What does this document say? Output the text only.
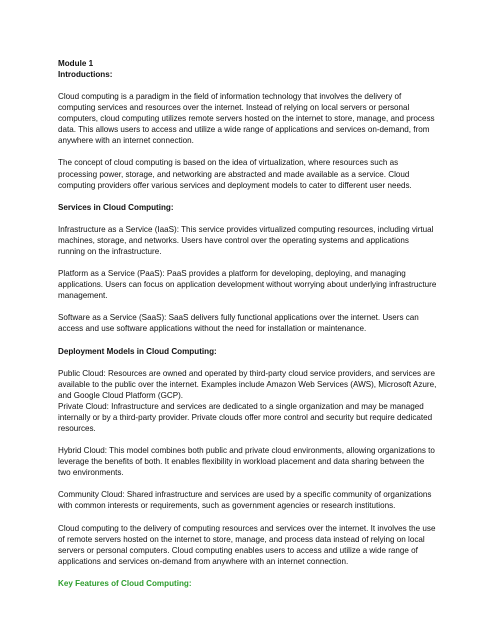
Module 1

Introductions:

Cloud computing is a paradigm in the field of information technology that involves the delivery of computing services and resources over the internet. Instead of relying on local servers or personal computers, cloud computing utilizes remote servers hosted on the internet to store, manage, and process data. This allows users to access and utilize a wide range of applications and services on-demand, from anywhere with an internet connection.

The concept of cloud computing is based on the idea of virtualization, where resources such as processing power, storage, and networking are abstracted and made available as a service. Cloud computing providers offer various services and deployment models to cater to different user needs.

Services in Cloud Computing:

Infrastructure as a Service (IaaS): This service provides virtualized computing resources, including virtual machines, storage, and networks. Users have control over the operating systems and applications running on the infrastructure.

Platform as a Service (PaaS): PaaS provides a platform for developing, deploying, and managing applications. Users can focus on application development without worrying about underlying infrastructure management.

Software as a Service (SaaS): SaaS delivers fully functional applications over the internet. Users can access and use software applications without the need for installation or maintenance.

Deployment Models in Cloud Computing:

Public Cloud: Resources are owned and operated by third-party cloud service providers, and services are available to the public over the internet. Examples include Amazon Web Services (AWS), Microsoft Azure, and Google Cloud Platform (GCP).

Private Cloud: Infrastructure and services are dedicated to a single organization and may be managed internally or by a third-party provider. Private clouds offer more control and security but require dedicated resources.

Hybrid Cloud: This model combines both public and private cloud environments, allowing organizations to leverage the benefits of both. It enables flexibility in workload placement and data sharing between the two environments.

Community Cloud: Shared infrastructure and services are used by a specific community of organizations with common interests or requirements, such as government agencies or research institutions.

Cloud computing to the delivery of computing resources and services over the internet. It involves the use of remote servers hosted on the internet to store, manage, and process data instead of relying on local servers or personal computers. Cloud computing enables users to access and utilize a wide range of applications and services on-demand from anywhere with an internet connection.

Key Features of Cloud Computing:
